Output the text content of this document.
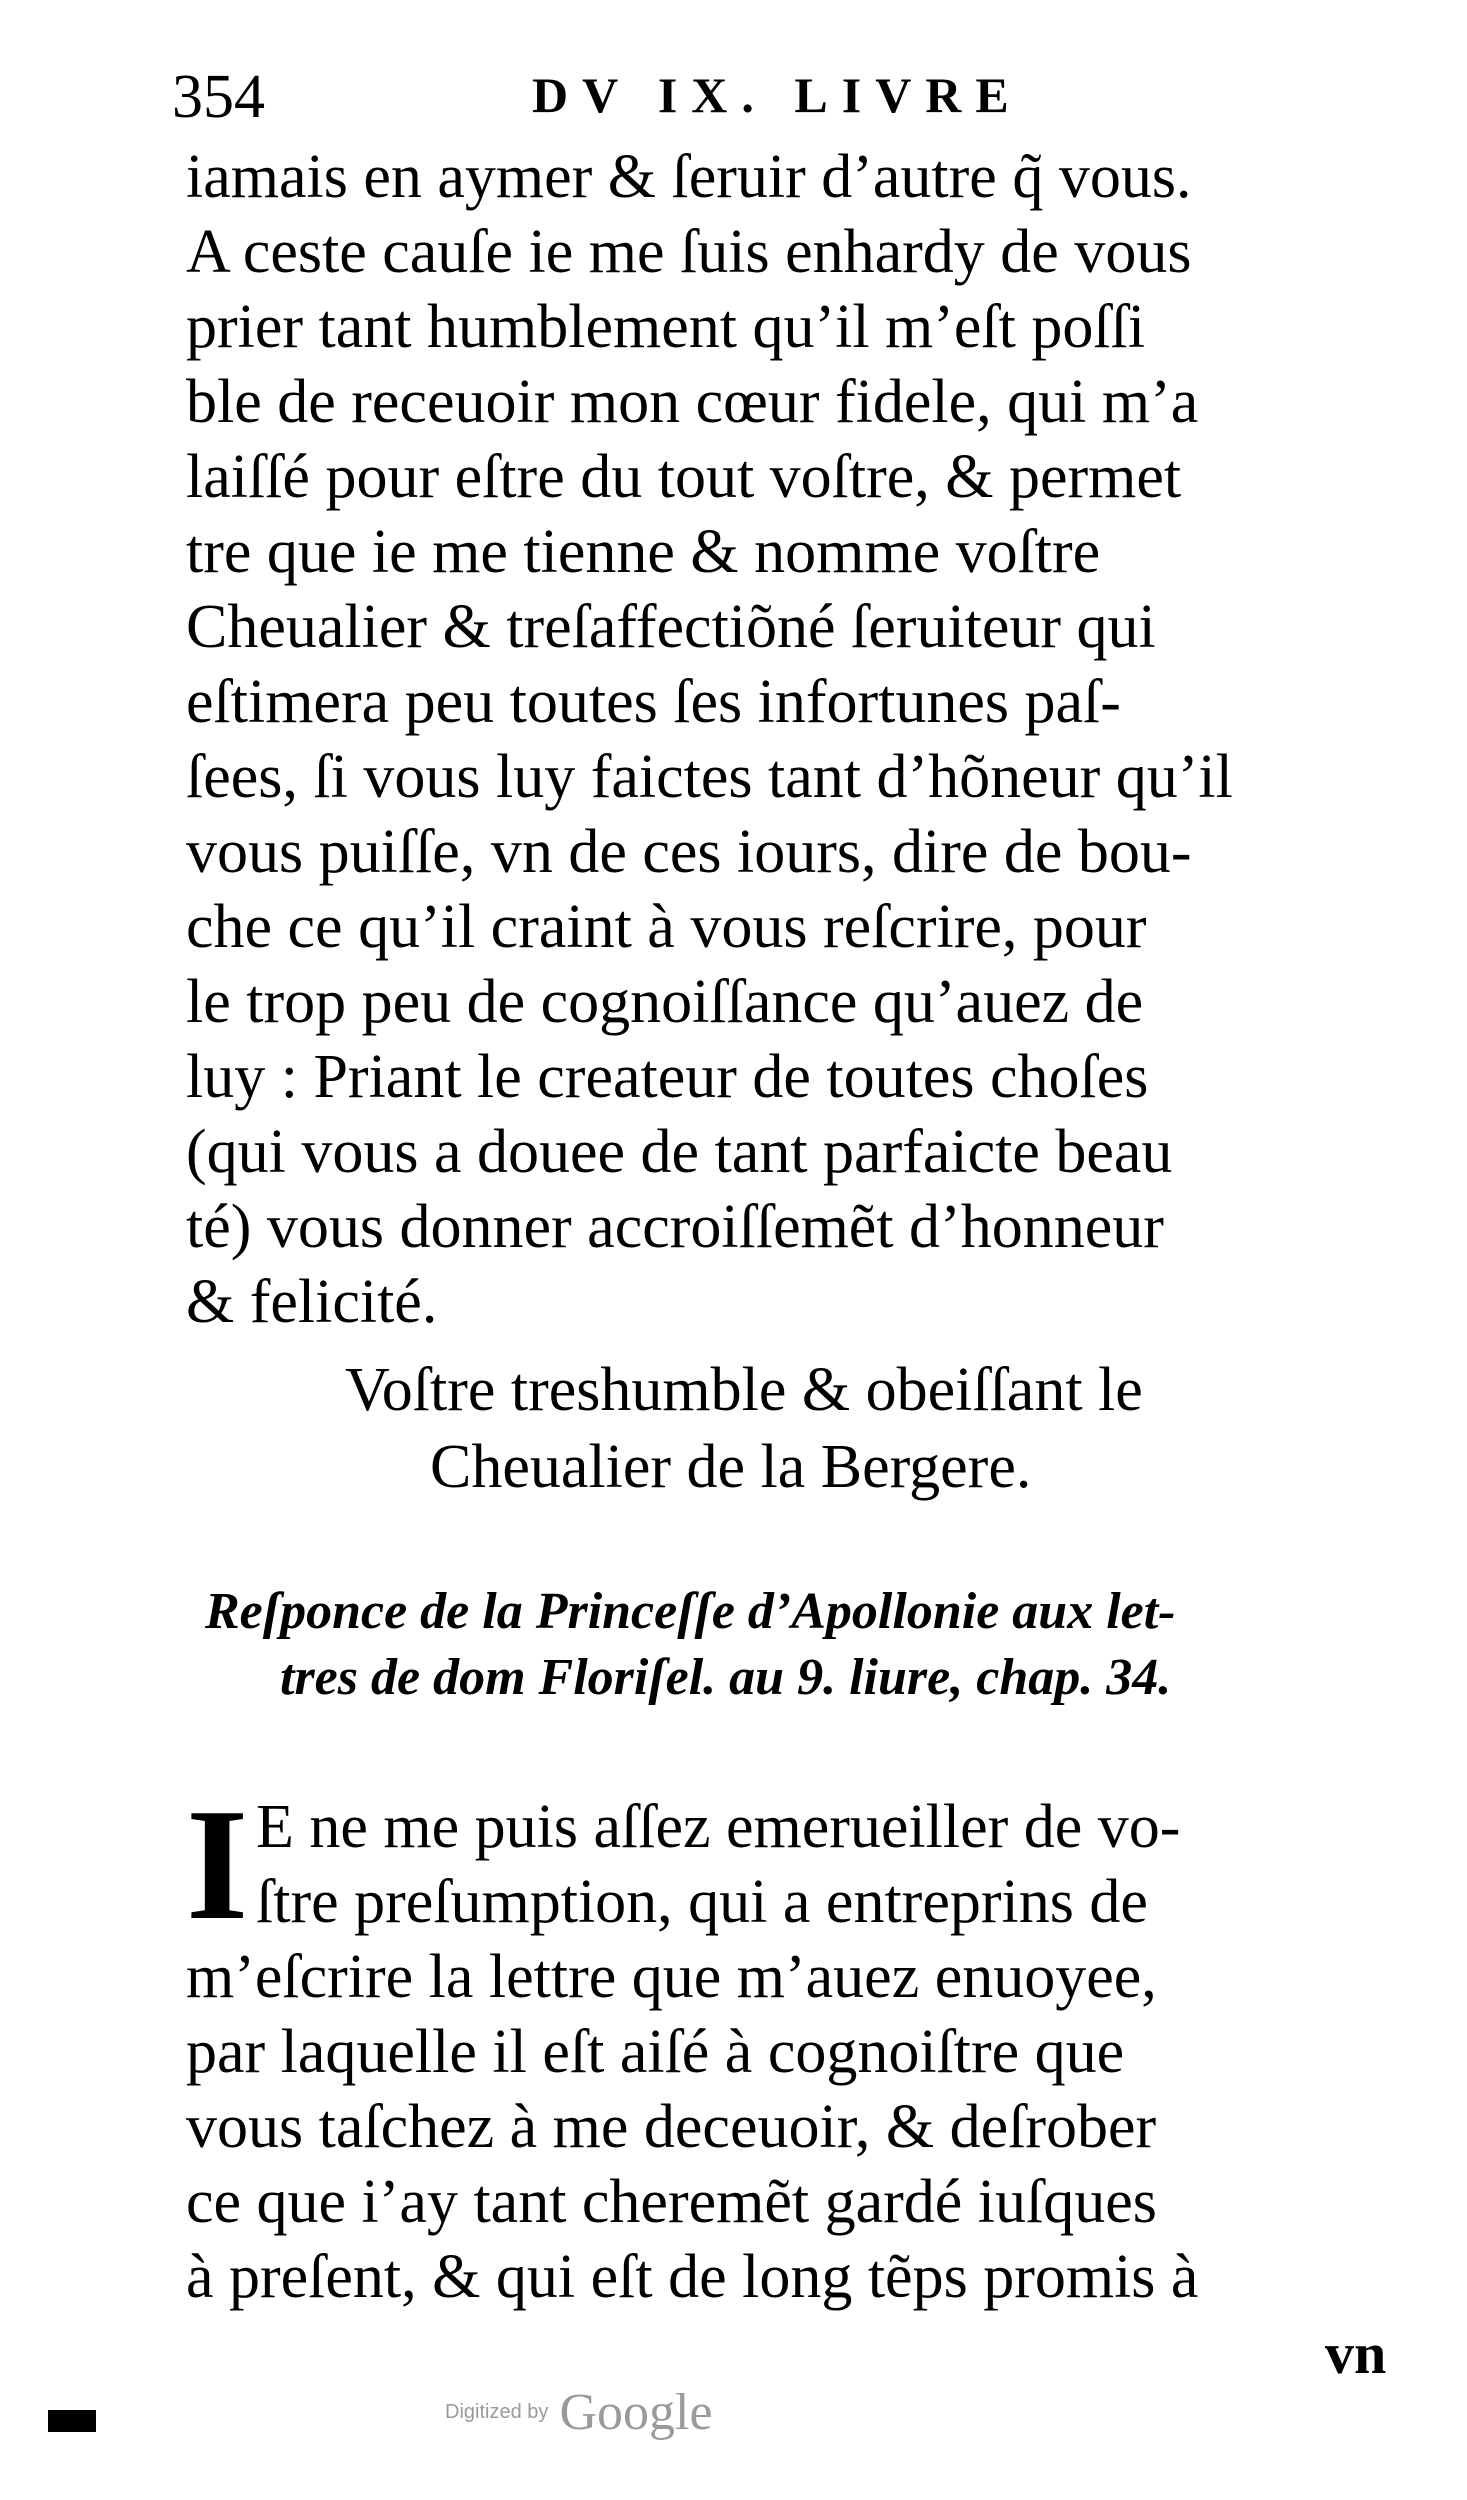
354	DV IX. LIVRE
iamais en aymer & ſeruir d’autre q̃ vous.
A ceste cauſe ie me ſuis enhardy de vous
prier tant humblement qu’il m’eſt poſſi
ble de receuoir mon cœur fidele, qui m’a
laiſſé pour eſtre du tout voſtre, & permet
tre que ie me tienne & nomme voſtre
Cheualier & treſaffectiõné ſeruiteur qui
eſtimera peu toutes ſes infortunes paſ-
ſees, ſi vous luy faictes tant d’hõneur qu’il
vous puiſſe, vn de ces iours, dire de bou-
che ce qu’il craint à vous reſcrire, pour
le trop peu de cognoiſſance qu’auez de
luy : Priant le createur de toutes choſes
(qui vous a douee de tant parfaicte beau
té) vous donner accroiſſemẽt d’honneur
& felicité.
Voſtre treshumble & obeiſſant le
Cheualier de la Bergere.
Reſponce de la Princeſſe d’Apollonie aux let-
tres de dom Floriſel. au 9. liure, chap. 34.
I E ne me puis aſſez emerueiller de vo-
ſtre preſumption, qui a entreprins de
m’eſcrire la lettre que m’auez enuoyee,
par laquelle il eſt aiſé à cognoiſtre que
vous taſchez à me deceuoir, & deſrober
ce que i’ay tant cheremẽt gardé iuſques
à preſent, & qui eſt de long tẽps promis à
vn
Digitized by Google
